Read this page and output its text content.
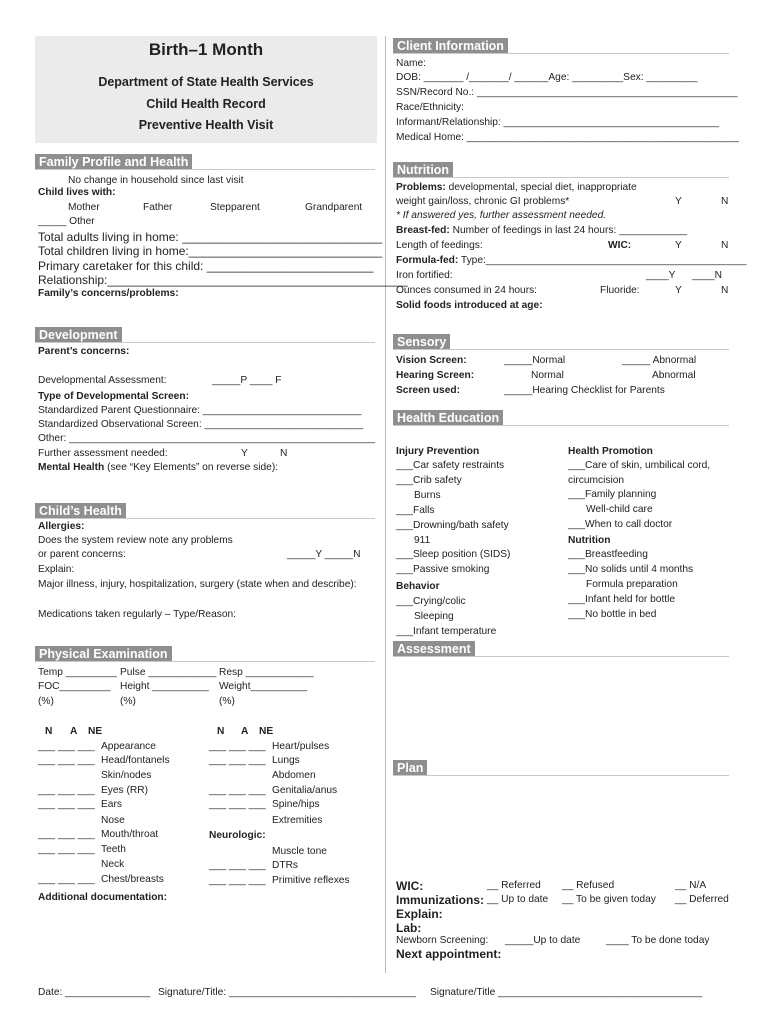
Birth–1 Month
Department of State Health Services
Child Health Record
Preventive Health Visit
Family Profile and Health
No change in household since last visit
Child lives with:
Mother	Father	Stepparent	Grandparent
_____ Other
Total adults living in home: ______________________________
Total children living in home:_____________________________
Primary caretaker for this child: _________________________
Relationship:_____________________________________________
Family’s concerns/problems:
Development
Parent’s concerns:
Developmental Assessment:	_____P ____ F
Type of Developmental Screen:
Standardized Parent Questionnaire: ____________________________
Standardized Observational Screen: ____________________________
Other: ______________________________________________________
Further assessment needed:	Y	N
Mental Health (see “Key Elements” on reverse side):
Child’s Health
Allergies:
Does the system review note any problems
or parent concerns:	_____Y _____N
Explain:
Major illness, injury, hospitalization, surgery (state when and describe):
Medications taken regularly – Type/Reason:
Physical Examination
Temp _________ Pulse ____________ Resp ____________
FOC_________ Height __________ Weight__________
(%)	(%)	(%)
N A NE	N A NE
___ ___ ___ Appearance
___ ___ ___ Head/fontanels
Skin/nodes
___ ___ ___ Eyes (RR)
___ ___ ___ Ears
Nose
___ ___ ___ Mouth/throat
___ ___ ___ Teeth
Neck
___ ___ ___ Chest/breasts
___ ___ ___ Heart/pulses
___ ___ ___ Lungs
Abdomen
___ ___ ___ Genitalia/anus
___ ___ ___ Spine/hips
Extremities
Neurologic:
Muscle tone
___ ___ ___ DTRs
___ ___ ___ Primitive reflexes
Additional documentation:
Client Information
Name:
DOB: _______ /_______/ ______Age: _________Sex: _________
SSN/Record No.: ______________________________________________
Race/Ethnicity:
Informant/Relationship: ______________________________________
Medical Home: ________________________________________________
Nutrition
Problems: developmental, special diet, inappropriate
weight gain/loss, chronic GI problems*	Y	N
* If answered yes, further assessment needed.
Breast-fed: Number of feedings in last 24 hours: ____________
Length of feedings:	WIC:	Y	N
Formula-fed: Type:______________________________________________
Iron fortified:	____Y ____N
Ounces consumed in 24 hours:	Fluoride:	Y	N
Solid foods introduced at age:
Sensory
Vision Screen:	_____Normal	_____ Abnormal
Hearing Screen:	Normal	Abnormal
Screen used:	_____Hearing Checklist for Parents
Health Education
Injury Prevention
___Car safety restraints
___Crib safety
Burns
___Falls
___Drowning/bath safety
911
___Sleep position (SIDS)
___Passive smoking
Behavior
___Crying/colic
Sleeping
___Infant temperature
Health Promotion
___Care of skin, umbilical cord,
circumcision
___Family planning
Well-child care
___When to call doctor
Nutrition
___Breastfeeding
___No solids until 4 months
Formula preparation
___Infant held for bottle
___No bottle in bed
Assessment
Plan
WIC:	__ Referred __ Refused	__ N/A
Immunizations: __ Up to date __ To be given today __ Deferred
Explain:
Lab:
Newborn Screening: _____Up to date	____ To be done today
Next appointment:
Date: _______________ Signature/Title: _________________________________ Signature/Title ____________________________________
